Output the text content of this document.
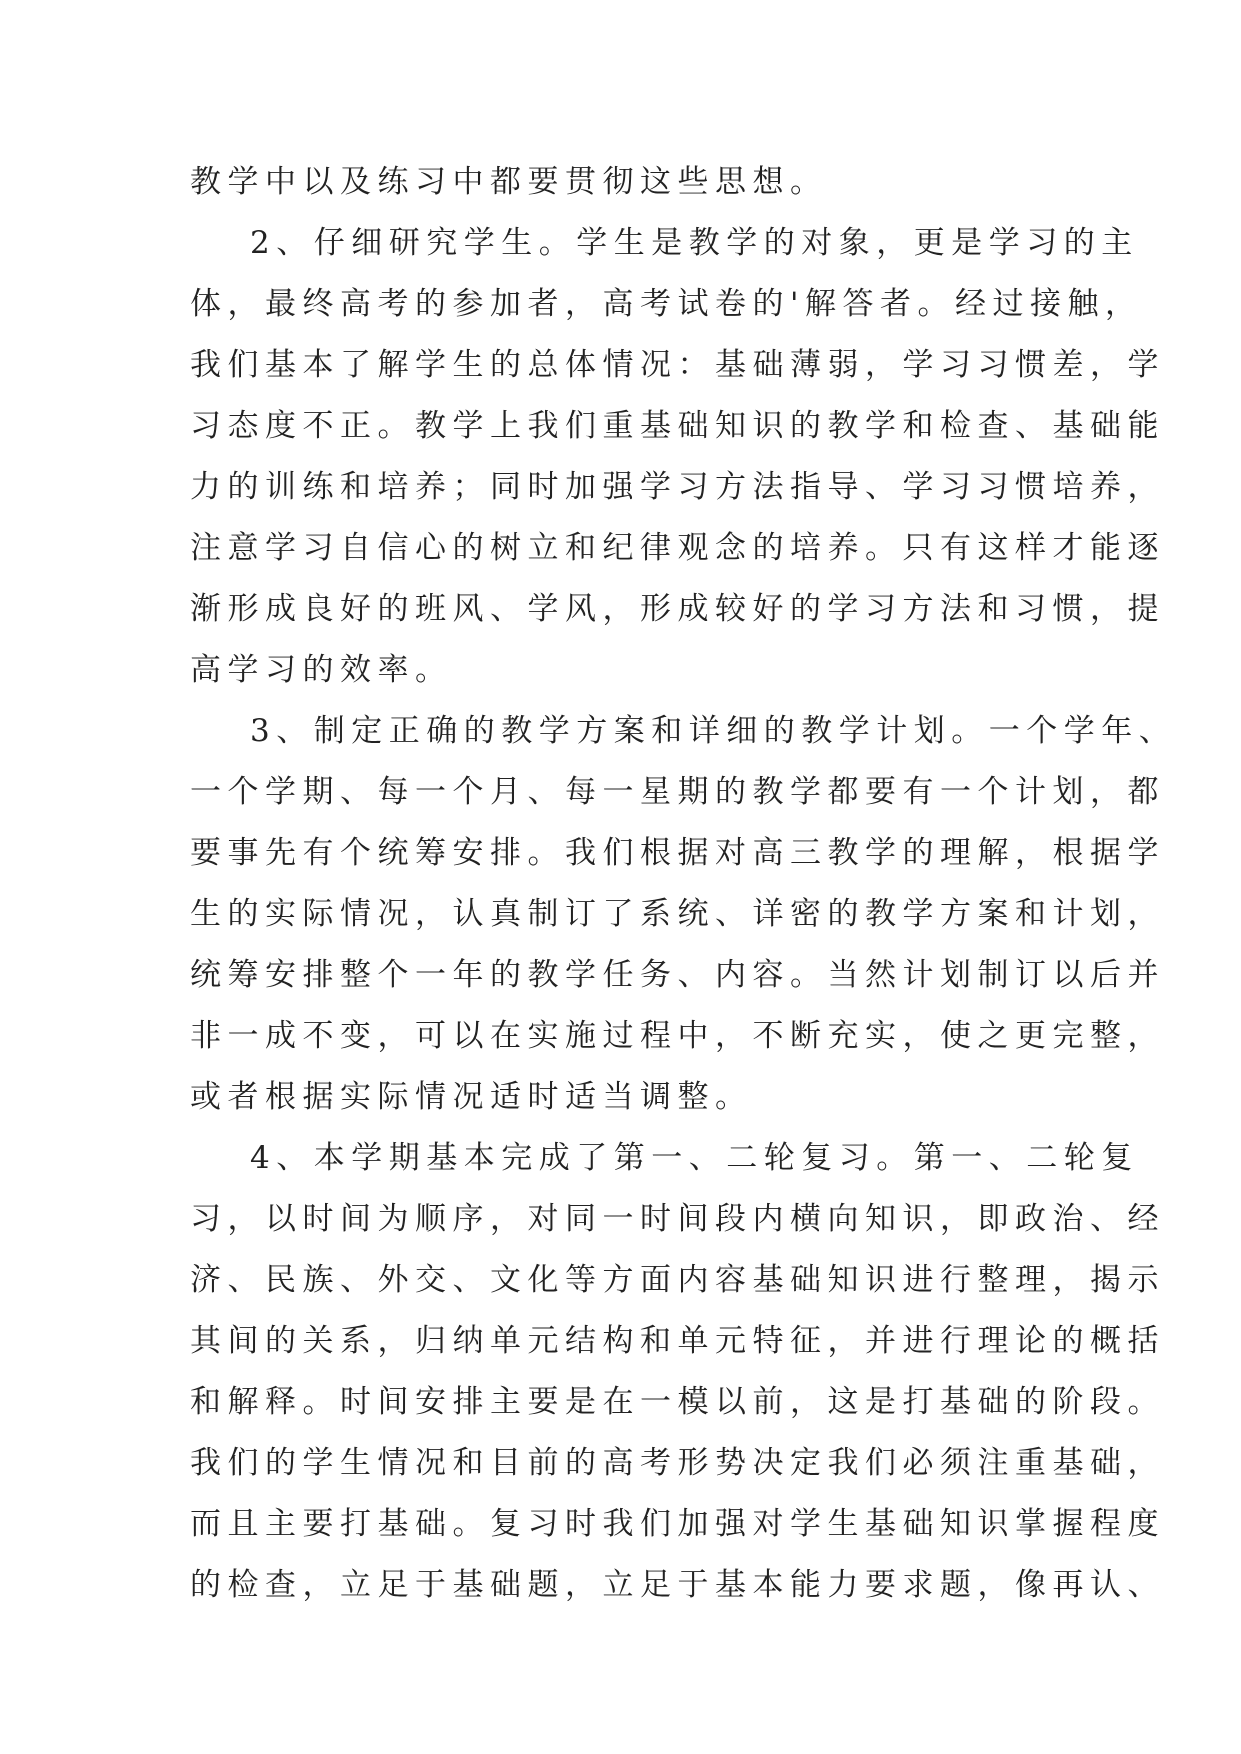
教学中以及练习中都要贯彻这些思想。
2、仔细研究学生。学生是教学的对象，更是学习的主
体，最终高考的参加者，高考试卷的'解答者。经过接触，
我们基本了解学生的总体情况：基础薄弱，学习习惯差，学
习态度不正。教学上我们重基础知识的教学和检查、基础能
力的训练和培养；同时加强学习方法指导、学习习惯培养，
注意学习自信心的树立和纪律观念的培养。只有这样才能逐
渐形成良好的班风、学风，形成较好的学习方法和习惯，提
高学习的效率。
3、制定正确的教学方案和详细的教学计划。一个学年、
一个学期、每一个月、每一星期的教学都要有一个计划，都
要事先有个统筹安排。我们根据对高三教学的理解，根据学
生的实际情况，认真制订了系统、详密的教学方案和计划，
统筹安排整个一年的教学任务、内容。当然计划制订以后并
非一成不变，可以在实施过程中，不断充实，使之更完整，
或者根据实际情况适时适当调整。
4、本学期基本完成了第一、二轮复习。第一、二轮复
习，以时间为顺序，对同一时间段内横向知识，即政治、经
济、民族、外交、文化等方面内容基础知识进行整理，揭示
其间的关系，归纳单元结构和单元特征，并进行理论的概括
和解释。时间安排主要是在一模以前，这是打基础的阶段。
我们的学生情况和目前的高考形势决定我们必须注重基础，
而且主要打基础。复习时我们加强对学生基础知识掌握程度
的检查，立足于基础题，立足于基本能力要求题，像再认、
